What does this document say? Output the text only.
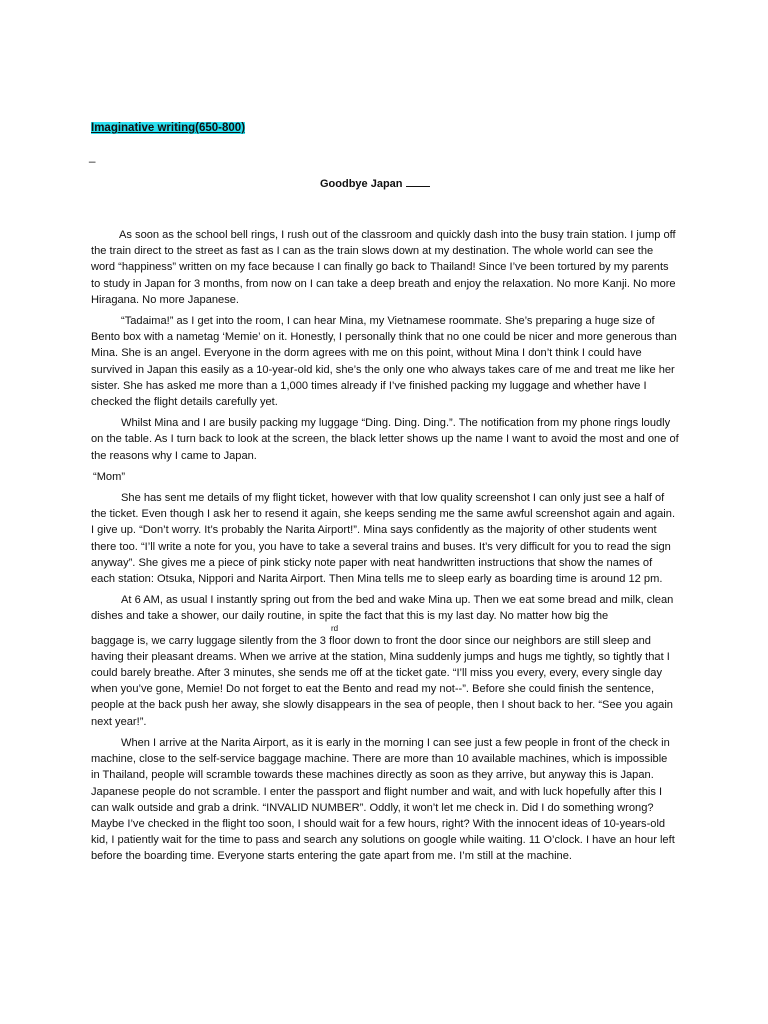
Imaginative writing(650-800)
_
Goodbye Japan

As soon as the school bell rings, I rush out of the classroom and quickly dash into the busy train station. I jump off the train direct to the street as fast as I can as the train slows down at my destination. The whole world can see the word “happiness” written on my face because I can finally go back to Thailand! Since I’ve been tortured by my parents to study in Japan for 3 months, from now on I can take a deep breath and enjoy the relaxation. No more Kanji. No more Hiragana. No more Japanese.

“Tadaima!” as I get into the room, I can hear Mina, my Vietnamese roommate. She’s preparing a huge size of Bento box with a nametag ‘Memie’ on it. Honestly, I personally think that no one could be nicer and more generous than Mina. She is an angel. Everyone in the dorm agrees with me on this point, without Mina I don’t think I could have survived in Japan this easily as a 10-year-old kid, she’s the only one who always takes care of me and treat me like her sister. She has asked me more than a 1,000 times already if I’ve finished packing my luggage and whether have I checked the flight details carefully yet.

Whilst Mina and I are busily packing my luggage “Ding. Ding. Ding.”. The notification from my phone rings loudly on the table. As I turn back to look at the screen, the black letter shows up the name I want to avoid the most and one of the reasons why I came to Japan.

“Mom”

She has sent me details of my flight ticket, however with that low quality screenshot I can only just see a half of the ticket. Even though I ask her to resend it again, she keeps sending me the same awful screenshot again and again. I give up. “Don’t worry. It’s probably the Narita Airport!”. Mina says confidently as the majority of other students went there too. “I’ll write a note for you, you have to take a several trains and buses. It’s very difficult for you to read the sign anyway”. She gives me a piece of pink sticky note paper with neat handwritten instructions that show the names of each station: Otsuka, Nippori and Narita Airport. Then Mina tells me to sleep early as boarding time is around 12 pm.

At 6 AM, as usual I instantly spring out from the bed and wake Mina up. Then we eat some bread and milk, clean dishes and take a shower, our daily routine, in spite the fact that this is my last day. No matter how big the

rd

baggage is, we carry luggage silently from the 3 floor down to front the door since our neighbors are still sleep and having their pleasant dreams. When we arrive at the station, Mina suddenly jumps and hugs me tightly, so tightly that I could barely breathe. After 3 minutes, she sends me off at the ticket gate. “I’ll miss you every, every, every single day when you’ve gone, Memie! Do not forget to eat the Bento and read my not--”. Before she could finish the sentence, people at the back push her away, she slowly disappears in the sea of people, then I shout back to her. “See you again next year!”.

When I arrive at the Narita Airport, as it is early in the morning I can see just a few people in front of the check in machine, close to the self-service baggage machine. There are more than 10 available machines, which is impossible in Thailand, people will scramble towards these machines directly as soon as they arrive, but anyway this is Japan. Japanese people do not scramble. I enter the passport and flight number and wait, and with luck hopefully after this I can walk outside and grab a drink. “INVALID NUMBER”. Oddly, it won’t let me check in. Did I do something wrong? Maybe I’ve checked in the flight too soon, I should wait for a few hours, right? With the innocent ideas of 10-years-old kid, I patiently wait for the time to pass and search any solutions on google while waiting. 11 O’clock. I have an hour left before the boarding time. Everyone starts entering the gate apart from me. I’m still at the machine.
